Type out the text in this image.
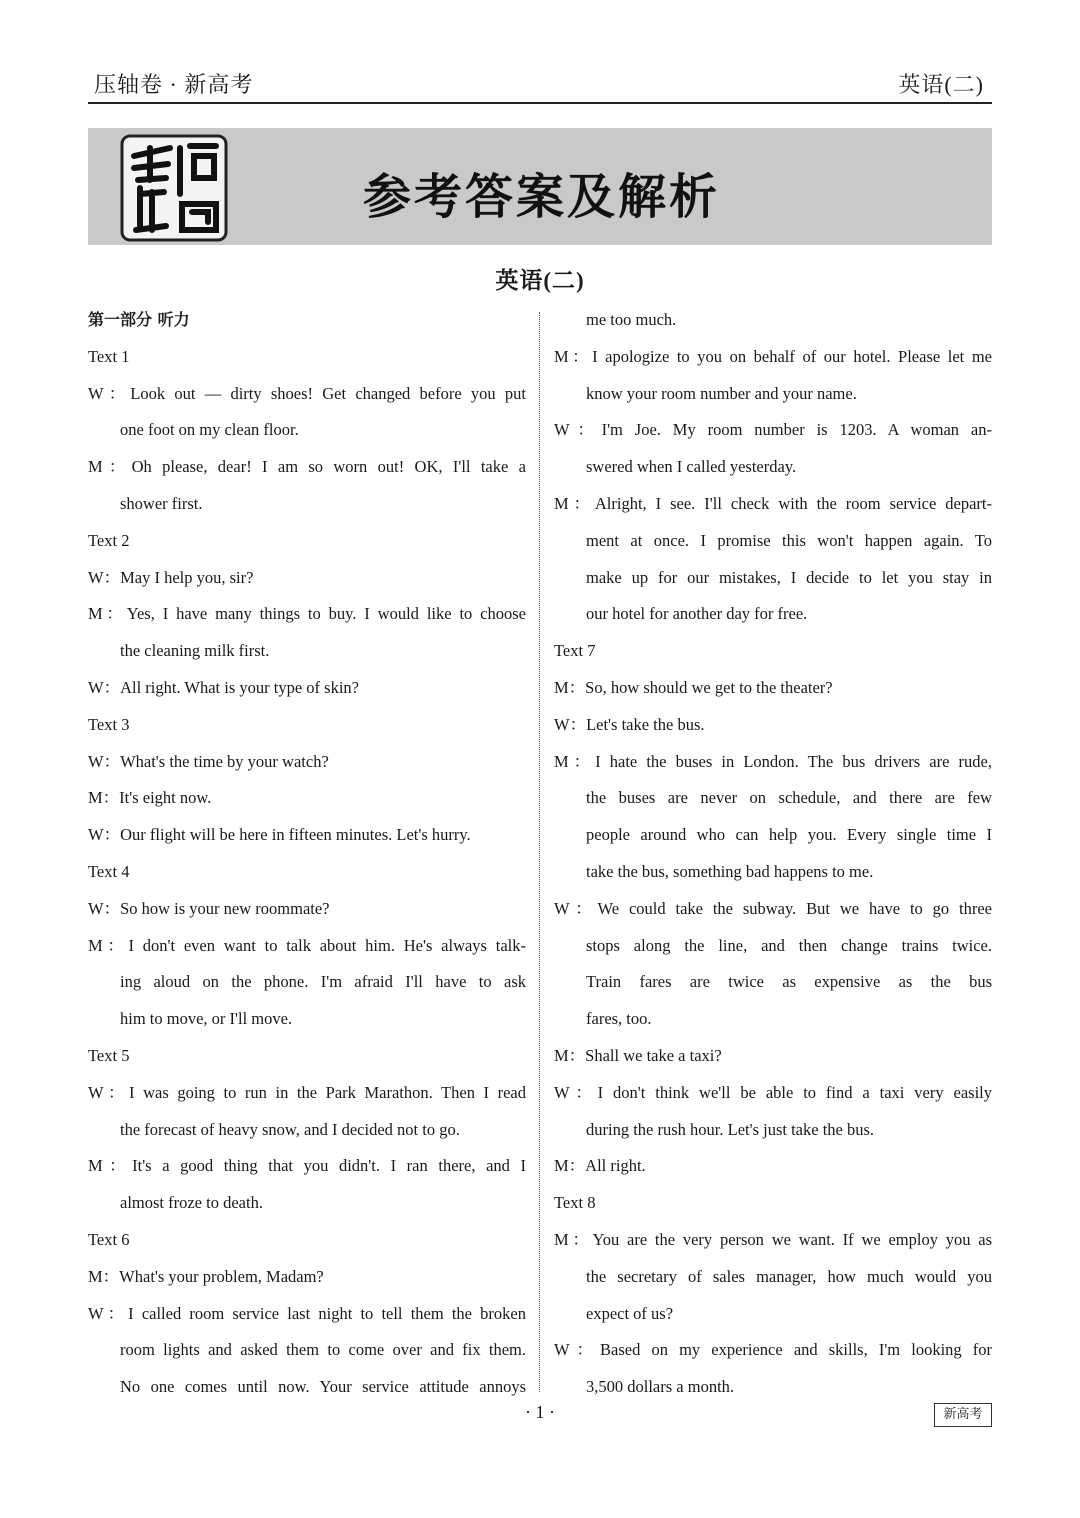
压轴卷 · 新高考	英语(二)
参考答案及解析
英语(二)
第一部分 听力
Text 1
W：Look out — dirty shoes! Get changed before you put
one foot on my clean floor.
M：Oh please, dear! I am so worn out! OK, I'll take a
shower first.
Text 2
W：May I help you, sir?
M：Yes, I have many things to buy. I would like to choose
the cleaning milk first.
W：All right. What is your type of skin?
Text 3
W：What's the time by your watch?
M：It's eight now.
W：Our flight will be here in fifteen minutes. Let's hurry.
Text 4
W：So how is your new roommate?
M：I don't even want to talk about him. He's always talk-
ing aloud on the phone. I'm afraid I'll have to ask
him to move, or I'll move.
Text 5
W：I was going to run in the Park Marathon. Then I read
the forecast of heavy snow, and I decided not to go.
M：It's a good thing that you didn't. I ran there, and I
almost froze to death.
Text 6
M：What's your problem, Madam?
W：I called room service last night to tell them the broken
room lights and asked them to come over and fix them.
No one comes until now. Your service attitude annoys
me too much.
M：I apologize to you on behalf of our hotel. Please let me
know your room number and your name.
W：I'm Joe. My room number is 1203. A woman an-
swered when I called yesterday.
M：Alright, I see. I'll check with the room service depart-
ment at once. I promise this won't happen again. To
make up for our mistakes, I decide to let you stay in
our hotel for another day for free.
Text 7
M：So, how should we get to the theater?
W：Let's take the bus.
M：I hate the buses in London. The bus drivers are rude,
the buses are never on schedule, and there are few
people around who can help you. Every single time I
take the bus, something bad happens to me.
W：We could take the subway. But we have to go three
stops along the line, and then change trains twice.
Train fares are twice as expensive as the bus
fares, too.
M：Shall we take a taxi?
W：I don't think we'll be able to find a taxi very easily
during the rush hour. Let's just take the bus.
M：All right.
Text 8
M：You are the very person we want. If we employ you as
the secretary of sales manager, how much would you
expect of us?
W：Based on my experience and skills, I'm looking for
3,500 dollars a month.
· 1 ·	新高考
